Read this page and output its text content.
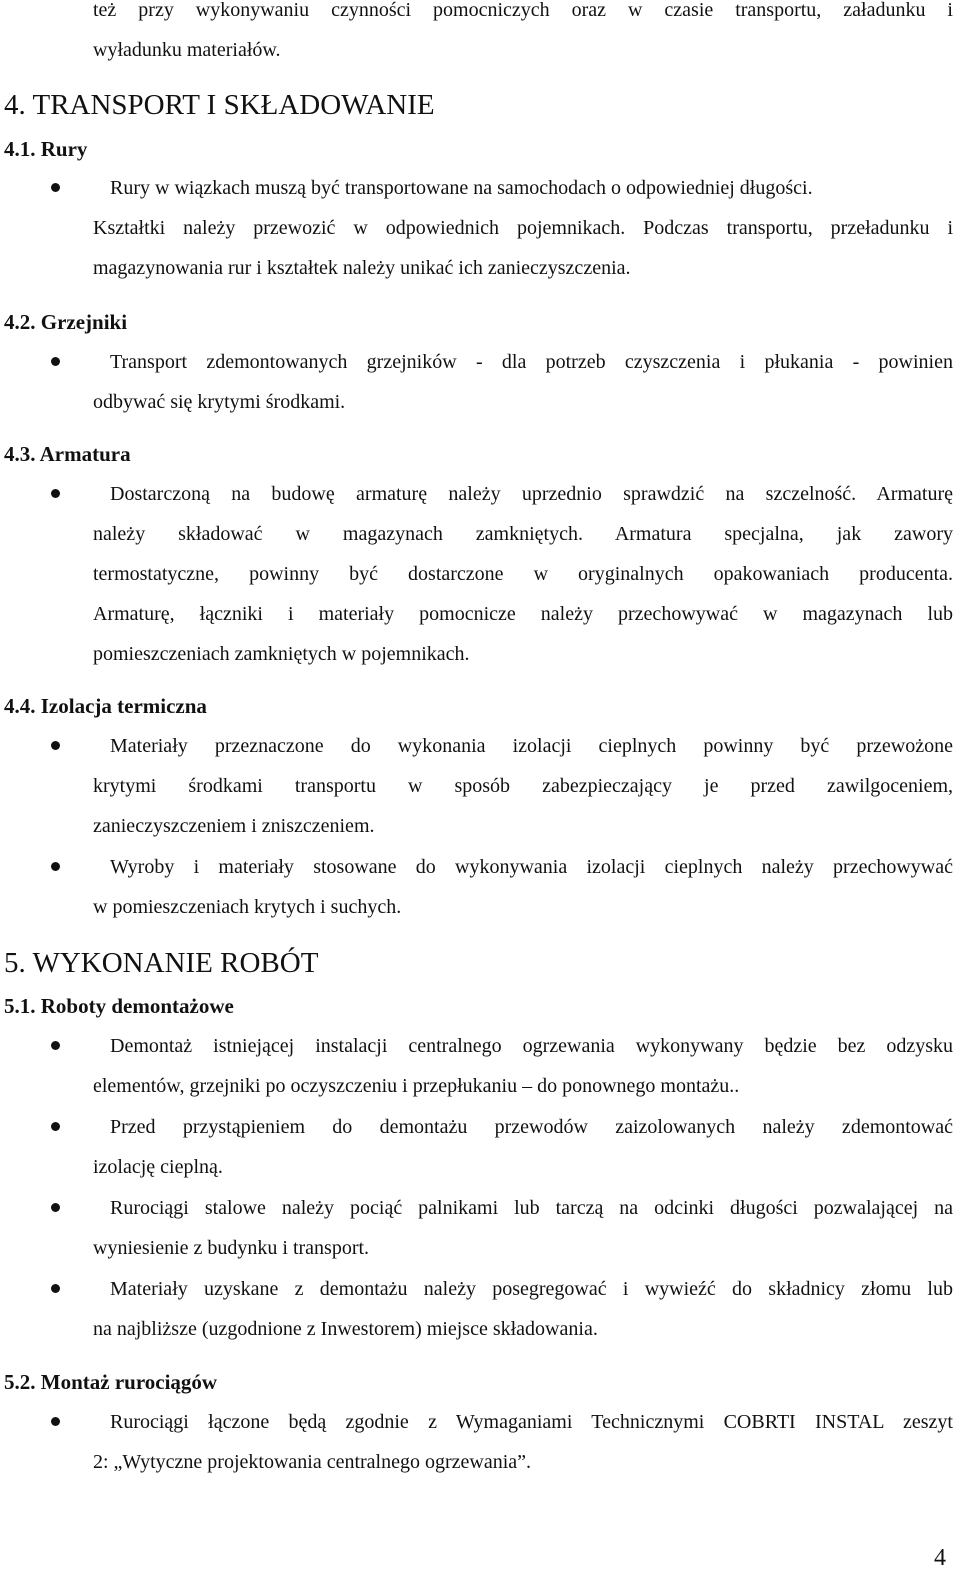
też przy wykonywaniu czynności pomocniczych oraz w czasie transportu, załadunku i
wyładunku materiałów.
4. TRANSPORT I SKŁADOWANIE
4.1. Rury
Rury w wiązkach muszą być transportowane na samochodach o odpowiedniej długości.
Kształtki należy przewozić w odpowiednich pojemnikach. Podczas transportu, przeładunku i
magazynowania rur i kształtek należy unikać ich zanieczyszczenia.
4.2. Grzejniki
Transport zdemontowanych grzejników - dla potrzeb czyszczenia i płukania - powinien
odbywać się krytymi środkami.
4.3. Armatura
Dostarczoną na budowę armaturę należy uprzednio sprawdzić na szczelność. Armaturę
należy składować w magazynach zamkniętych. Armatura specjalna, jak zawory
termostatyczne, powinny być dostarczone w oryginalnych opakowaniach producenta.
Armaturę, łączniki i materiały pomocnicze należy przechowywać w magazynach lub
pomieszczeniach zamkniętych w pojemnikach.
4.4. Izolacja termiczna
Materiały przeznaczone do wykonania izolacji cieplnych powinny być przewożone
krytymi środkami transportu w sposób zabezpieczający je przed zawilgoceniem,
zanieczyszczeniem i zniszczeniem.
Wyroby i materiały stosowane do wykonywania izolacji cieplnych należy przechowywać
w pomieszczeniach krytych i suchych.
5. WYKONANIE ROBÓT
5.1. Roboty demontażowe
Demontaż istniejącej instalacji centralnego ogrzewania wykonywany będzie bez odzysku
elementów, grzejniki po oczyszczeniu i przepłukaniu – do ponownego montażu..
Przed przystąpieniem do demontażu przewodów zaizolowanych należy zdemontować
izolację cieplną.
Rurociągi stalowe należy pociąć palnikami lub tarczą na odcinki długości pozwalającej na
wyniesienie z budynku i transport.
Materiały uzyskane z demontażu należy posegregować i wywieźć do składnicy złomu lub
na najbliższe (uzgodnione z Inwestorem) miejsce składowania.
5.2. Montaż rurociągów
Rurociągi łączone będą zgodnie z Wymaganiami Technicznymi COBRTI INSTAL zeszyt
2: „Wytyczne projektowania centralnego ogrzewania”.
4
